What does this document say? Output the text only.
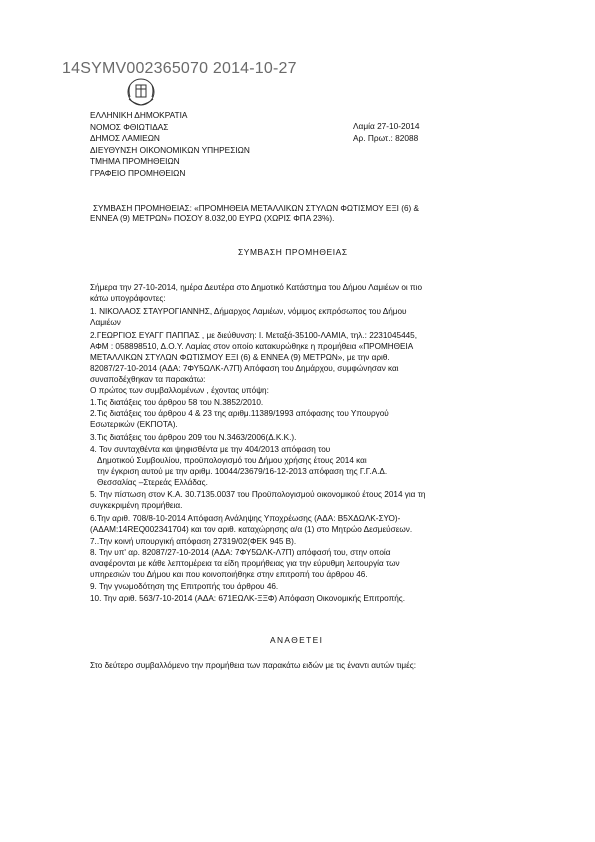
14SYMV002365070 2014-10-27
ΕΛΛΗΝΙΚΗ ΔΗΜΟΚΡΑΤΙΑ
ΝΟΜΟΣ ΦΘΙΩΤΙΔΑΣ
ΔΗΜΟΣ ΛΑΜΙΕΩΝ
ΔΙΕΥΘΥΝΣΗ ΟΙΚΟΝΟΜΙΚΩΝ ΥΠΗΡΕΣΙΩΝ
ΤΜΗΜΑ ΠΡΟΜΗΘΕΙΩΝ
ΓΡΑΦΕΙΟ ΠΡΟΜΗΘΕΙΩΝ
Λαμία 27-10-2014
Αρ. Πρωτ.: 82088
ΣΥΜΒΑΣΗ ΠΡΟΜΗΘΕΙΑΣ: «ΠΡΟΜΗΘΕΙΑ ΜΕΤΑΛΛΙΚΩΝ ΣΤΥΛΩΝ ΦΩΤΙΣΜΟΥ ΕΞΙ (6) &
ΕΝΝΕΑ (9) ΜΕΤΡΩΝ» ΠΟΣΟΥ 8.032,00 ΕΥΡΩ (ΧΩΡΙΣ ΦΠΑ 23%).
ΣΥΜΒΑΣΗ ΠΡΟΜΗΘΕΙΑΣ
Σήμερα την 27-10-2014, ημέρα Δευτέρα στο Δημοτικό Κατάστημα του Δήμου Λαμιέων οι πιο
κάτω υπογράφοντες:
1. ΝΙΚΟΛΑΟΣ ΣΤΑΥΡΟΓΙΑΝΝΗΣ, Δήμαρχος Λαμιέων, νόμιμος εκπρόσωπος του Δήμου
Λαμιέων
2.ΓΕΩΡΓΙΟΣ ΕΥΑΓΓ ΠΑΠΠΑΣ , με διεύθυνση: Ι. Μεταξά-35100-ΛΑΜΙΑ, τηλ.: 2231045445,
ΑΦΜ : 058898510, Δ.Ο.Υ. Λαμίας στον οποίο κατακυρώθηκε η προμήθεια «ΠΡΟΜΗΘΕΙΑ
ΜΕΤΑΛΛΙΚΩΝ ΣΤΥΛΩΝ ΦΩΤΙΣΜΟΥ ΕΞΙ (6) & ΕΝΝΕΑ (9) ΜΕΤΡΩΝ», με την αριθ.
82087/27-10-2014 (ΑΔΑ: 7ΦΥ5ΩΛΚ-Λ7Π) Απόφαση του Δημάρχου, συμφώνησαν και
συναποδέχθηκαν τα παρακάτω:
Ο πρώτος των συμβαλλομένων , έχοντας υπόψη:
1.Τις διατάξεις του άρθρου 58 του Ν.3852/2010.
2.Τις διατάξεις του άρθρου 4 & 23 της αριθμ.11389/1993 απόφασης του Υπουργού
Εσωτερικών (ΕΚΠΟΤΑ).
3.Τις διατάξεις του άρθρου 209 του Ν.3463/2006(Δ.Κ.Κ.).
4. Τον συνταχθέντα και ψηφισθέντα με την 404/2013 απόφαση του
Δημοτικού Συμβουλίου, προϋπολογισμό του Δήμου χρήσης έτους 2014 και
την έγκριση αυτού με την αριθμ. 10044/23679/16-12-2013 απόφαση της Γ.Γ.Α.Δ.
Θεσσαλίας –Στερεάς Ελλάδας.
5. Την πίστωση στον Κ.Α. 30.7135.0037 του Προϋπολογισμού οικονομικού έτους 2014 για τη
συγκεκριμένη προμήθεια.
6.Την αριθ. 708/8-10-2014 Απόφαση Ανάληψης Υποχρέωσης (ΑΔΑ: Β5ΧΔΩΛΚ-ΣΥΟ)-
(ΑΔΑΜ:14REQ002341704) και τον αριθ. καταχώρησης α/α (1) στο Μητρώο Δεσμεύσεων.
7..Την κοινή υπουργική απόφαση 27319/02(ΦΕΚ 945 Β).
8. Την υπ' αρ. 82087/27-10-2014 (ΑΔΑ: 7ΦΥ5ΩΛΚ-Λ7Π) απόφασή του, στην οποία
αναφέρονται με κάθε λεπτομέρεια τα είδη προμήθειας για την εύρυθμη λειτουργία των
υπηρεσιών του Δήμου και που κοινοποιήθηκε στην επιτροπή του άρθρου 46.
9. Την γνωμοδότηση της Επιτροπής του άρθρου 46.
10. Την αριθ. 563/7-10-2014 (ΑΔΑ: 671ΕΩΛΚ-ΞΞΦ) Απόφαση Οικονομικής Επιτροπής.
ΑΝΑΘΕΤΕΙ
Στο δεύτερο συμβαλλόμενο την προμήθεια των παρακάτω ειδών με τις έναντι αυτών τιμές:
